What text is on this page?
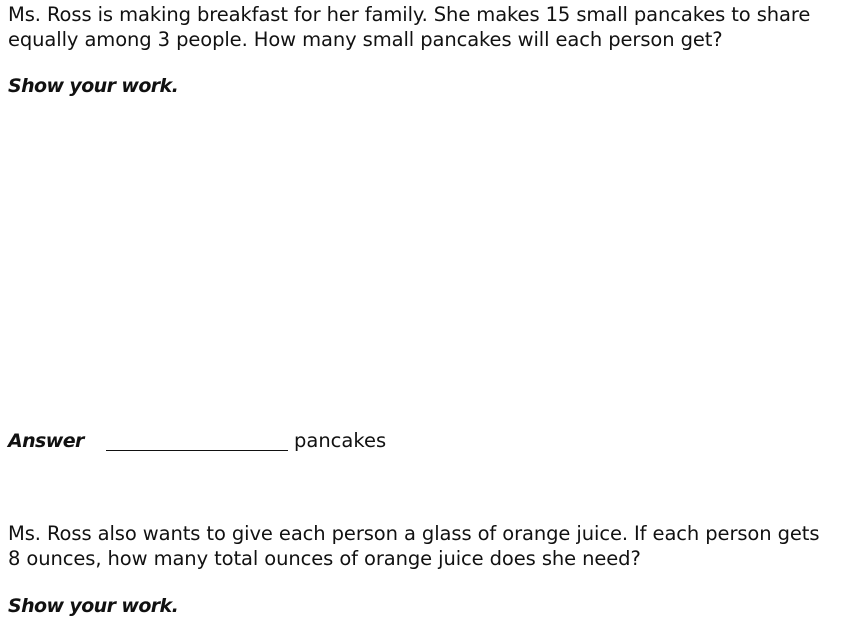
Ms. Ross is making breakfast for her family. She makes 15 small pancakes to share
equally among 3 people. How many small pancakes will each person get?

Show your work.

Answer	pancakes

Ms. Ross also wants to give each person a glass of orange juice. If each person gets
8 ounces, how many total ounces of orange juice does she need?

Show your work.
